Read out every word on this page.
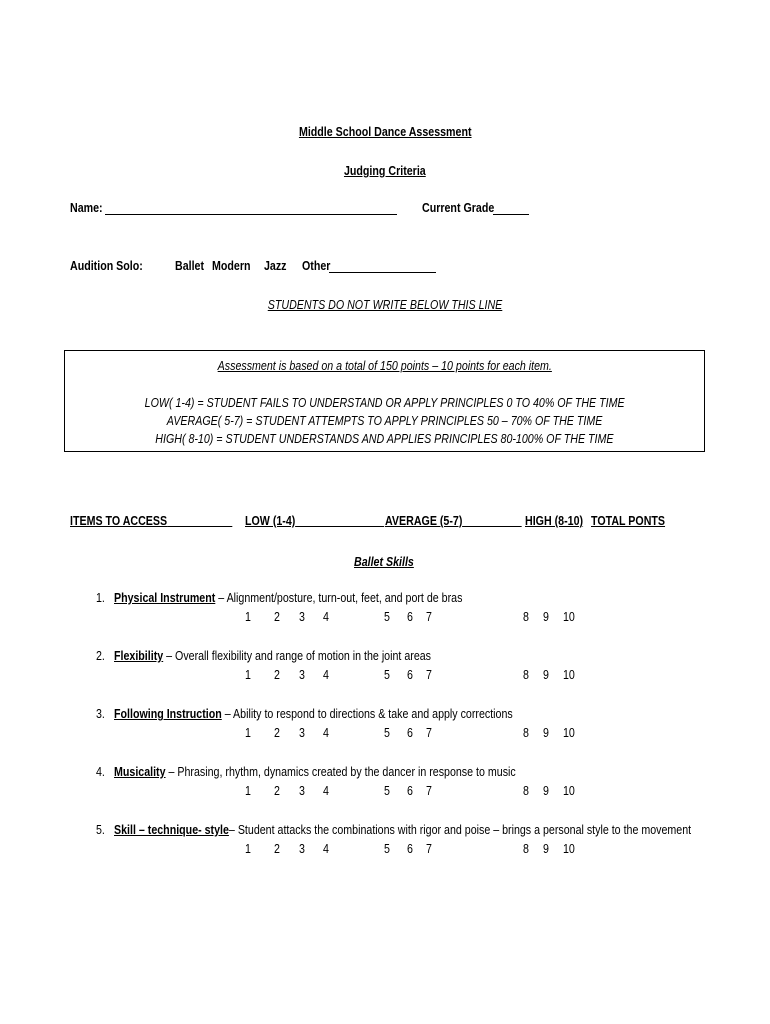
Middle School Dance Assessment
Judging Criteria
Name:	Current Grade
Audition Solo: Ballet Modern Jazz Other
STUDENTS DO NOT WRITE BELOW THIS LINE
Assessment is based on a total of 150 points – 10 points for each item.
LOW( 1-4) = STUDENT FAILS TO UNDERSTAND OR APPLY PRINCIPLES 0 TO 40% OF THE TIME
AVERAGE( 5-7) = STUDENT ATTEMPTS TO APPLY PRINCIPLES 50 – 70% OF THE TIME
HIGH( 8-10) = STUDENT UNDERSTANDS AND APPLIES PRINCIPLES 80-100% OF THE TIME
ITEMS TO ACCESS	LOW (1-4)	AVERAGE (5-7)	HIGH (8-10) TOTAL PONTS
Ballet Skills
1. Physical Instrument – Alignment/posture, turn-out, feet, and port de bras
1 2 3 4	5 6 7	8 9 10
2. Flexibility – Overall flexibility and range of motion in the joint areas
1 2 3 4	5 6 7	8 9 10
3. Following Instruction – Ability to respond to directions & take and apply corrections
1 2 3 4	5 6 7	8 9 10
4. Musicality – Phrasing, rhythm, dynamics created by the dancer in response to music
1 2 3 4	5 6 7	8 9 10
5. Skill – technique- style– Student attacks the combinations with rigor and poise – brings a personal style to the movement
1 2 3 4	5 6 7	8 9 10
